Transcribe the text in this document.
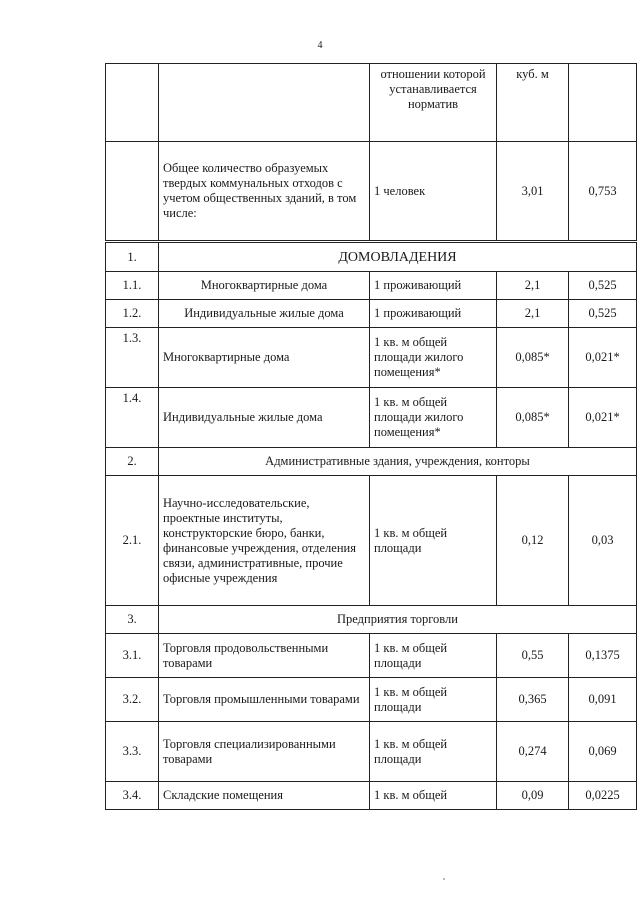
4
		отношении которой устанавливается норматив	куб. м	
	Общее количество образуемых твердых коммунальных отходов с учетом общественных зданий, в том числе:	1 человек	3,01	0,753
1.	ДОМОВЛАДЕНИЯ			
1.1.	Многоквартирные дома	1 проживающий	2,1	0,525
1.2.	Индивидуальные жилые дома	1 проживающий	2,1	0,525
1.3.	Многоквартирные дома	1 кв. м общей площади жилого помещения*	0,085*	0,021*
1.4.	Индивидуальные жилые дома	1 кв. м общей площади жилого помещения*	0,085*	0,021*
2.	Административные здания, учреждения, конторы			
2.1.	Научно-исследовательские, проектные институты, конструкторские бюро, банки, финансовые учреждения, отделения связи, административные, прочие офисные учреждения	1 кв. м общей площади	0,12	0,03
3.	Предприятия торговли			
3.1.	Торговля продовольственными товарами	1 кв. м общей площади	0,55	0,1375
3.2.	Торговля промышленными товарами	1 кв. м общей площади	0,365	0,091
3.3.	Торговля специализированными товарами	1 кв. м общей площади	0,274	0,069
3.4.	Складские помещения	1 кв. м общей	0,09	0,0225
